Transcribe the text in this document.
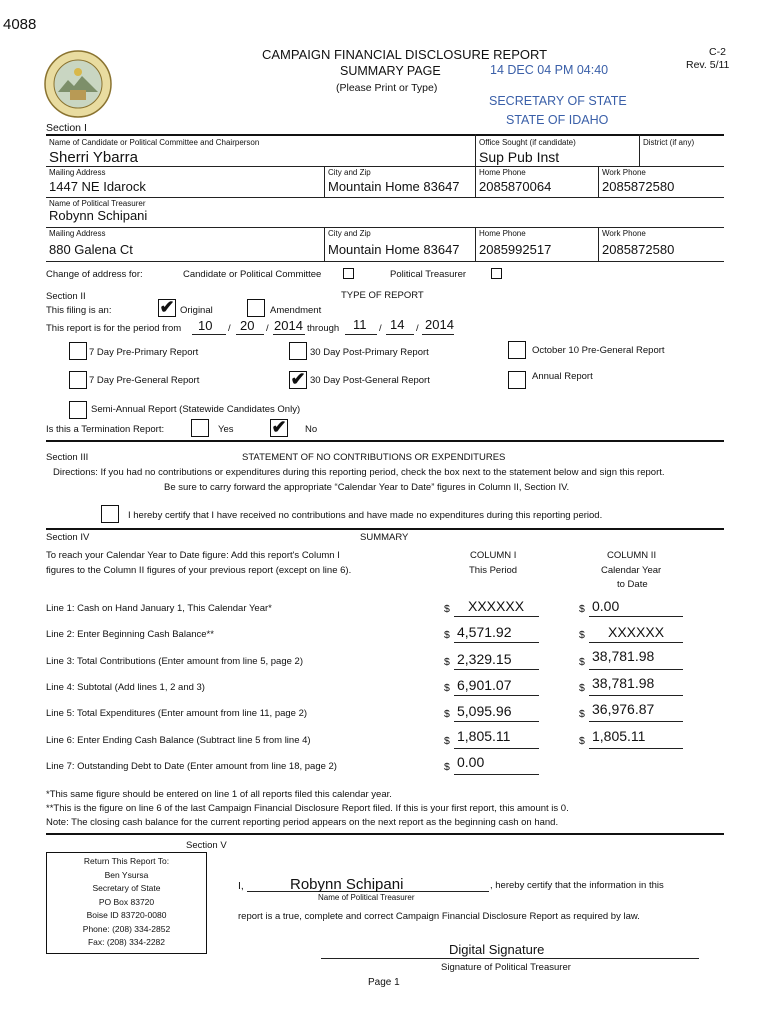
4088
CAMPAIGN FINANCIAL DISCLOSURE REPORT
SUMMARY PAGE
(Please Print or Type)
14 DEC 04 PM 04:40
SECRETARY OF STATE
STATE OF IDAHO
C-2
Rev. 5/11
Section I
Name of Candidate or Political Committee and Chairperson
Sherri Ybarra
Office Sought (if candidate)
Sup Pub Inst
District (if any)
Mailing Address
1447 NE Idarock
City and Zip
Mountain Home 83647
Home Phone
2085870064
Work Phone
2085872580
Name of Political Treasurer
Robynn Schipani
Mailing Address
880 Galena Ct
City and Zip
Mountain Home 83647
Home Phone
2085992517
Work Phone
2085872580
Change of address for:	Candidate or Political Committee	Political Treasurer
Section II	TYPE OF REPORT
This filing is an:	✔ Original	Amendment
This report is for the period from 10 / 20 / 2014 through 11 / 14 / 2014
7 Day Pre-Primary Report	30 Day Post-Primary Report	October 10 Pre-General Report
7 Day Pre-General Report	✔ 30 Day Post-General Report	Annual Report
Semi-Annual Report (Statewide Candidates Only)
Is this a Termination Report:	Yes ✔ No
Section III	STATEMENT OF NO CONTRIBUTIONS OR EXPENDITURES
Directions: If you had no contributions or expenditures during this reporting period, check the box next to the statement below and sign this report.
Be sure to carry forward the appropriate “Calendar Year to Date” figures in Column II, Section IV.
I hereby certify that I have received no contributions and have made no expenditures during this reporting period.
Section IV	SUMMARY
To reach your Calendar Year to Date figure: Add this report's Column I
figures to the Column II figures of your previous report (except on line 6).
COLUMN I
This Period
COLUMN II
Calendar Year
to Date
Line 1: Cash on Hand January 1, This Calendar Year*	$ XXXXXX	$ 0.00
Line 2: Enter Beginning Cash Balance**	$ 4,571.92	$ XXXXXX
Line 3: Total Contributions (Enter amount from line 5, page 2)	$ 2,329.15	$ 38,781.98
Line 4: Subtotal (Add lines 1, 2 and 3)	$ 6,901.07	$ 38,781.98
Line 5: Total Expenditures (Enter amount from line 11, page 2)	$ 5,095.96	$ 36,976.87
Line 6: Enter Ending Cash Balance (Subtract line 5 from line 4)	$ 1,805.11	$ 1,805.11
Line 7: Outstanding Debt to Date (Enter amount from line 18, page 2)	$ 0.00
*This same figure should be entered on line 1 of all reports filed this calendar year.
**This is the figure on line 6 of the last Campaign Financial Disclosure Report filed. If this is your first report, this amount is 0.
Note: The closing cash balance for the current reporting period appears on the next report as the beginning cash on hand.
Section V
Return This Report To:
Ben Ysursa
Secretary of State
PO Box 83720
Boise ID 83720-0080
Phone: (208) 334-2852
Fax: (208) 334-2282
I,	Robynn Schipani	, hereby certify that the information in this
Name of Political Treasurer
report is a true, complete and correct Campaign Financial Disclosure Report as required by law.
Digital Signature
Signature of Political Treasurer
Page 1
